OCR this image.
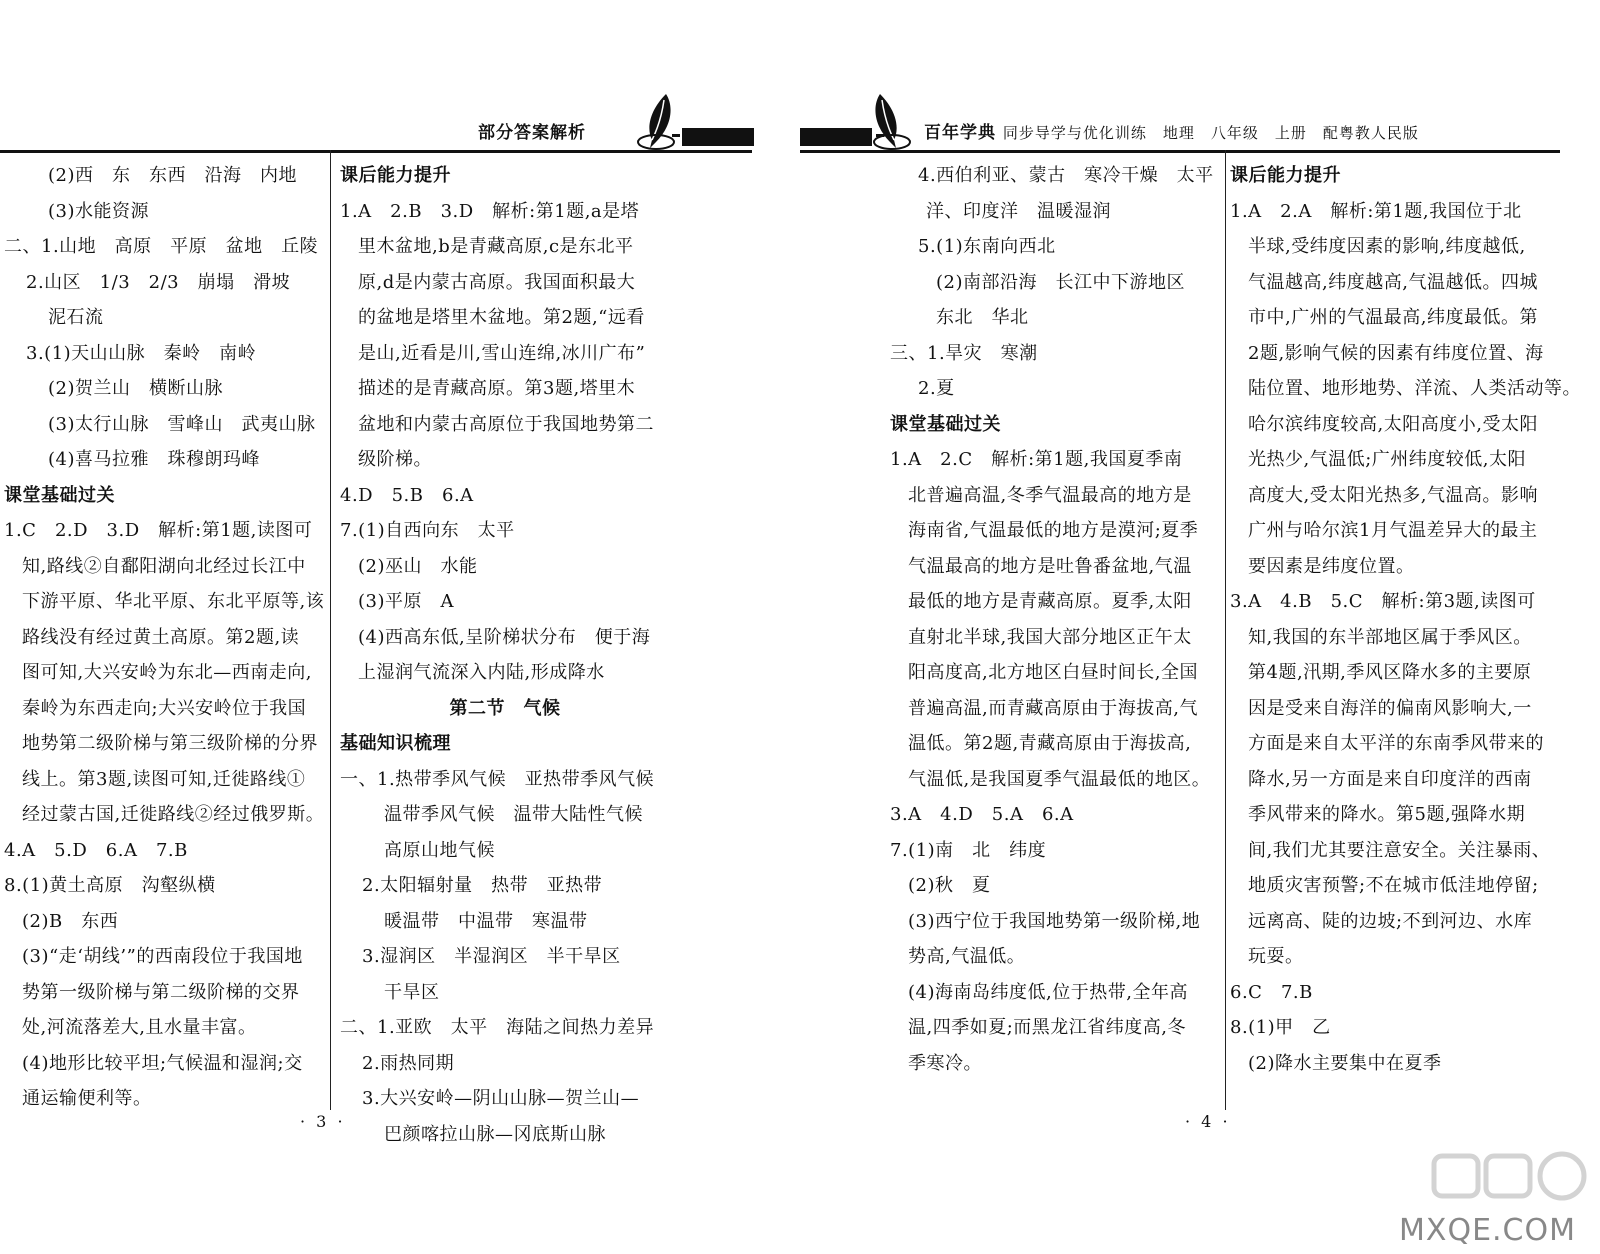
部分答案解析

(2)西　东　东西　沿海　内地

(3)水能资源

二、1.山地　高原　平原　盆地　丘陵

2.山区　1/3　2/3　崩塌　滑坡

泥石流

3.(1)天山山脉　秦岭　南岭

(2)贺兰山　横断山脉

(3)太行山脉　雪峰山　武夷山脉

(4)喜马拉雅　珠穆朗玛峰

课堂基础过关

1.C　2.D　3.D　解析:第1题,读图可

知,路线②自鄱阳湖向北经过长江中

下游平原、华北平原、东北平原等,该

路线没有经过黄土高原。第2题,读

图可知,大兴安岭为东北—西南走向,

秦岭为东西走向;大兴安岭位于我国

地势第二级阶梯与第三级阶梯的分界

线上。第3题,读图可知,迁徙路线①

经过蒙古国,迁徙路线②经过俄罗斯。

4.A　5.D　6.A　7.B

8.(1)黄土高原　沟壑纵横

(2)B　东西

(3)“走‘胡线’”的西南段位于我国地

势第一级阶梯与第二级阶梯的交界

处,河流落差大,且水量丰富。

(4)地形比较平坦;气候温和湿润;交

通运输便利等。

课后能力提升

1.A　2.B　3.D　解析:第1题,a是塔

里木盆地,b是青藏高原,c是东北平

原,d是内蒙古高原。我国面积最大

的盆地是塔里木盆地。第2题,“远看

是山,近看是川,雪山连绵,冰川广布”

描述的是青藏高原。第3题,塔里木

盆地和内蒙古高原位于我国地势第二

级阶梯。

4.D　5.B　6.A

7.(1)自西向东　太平

(2)巫山　水能

(3)平原　A

(4)西高东低,呈阶梯状分布　便于海

上湿润气流深入内陆,形成降水

第二节　气候

基础知识梳理

一、1.热带季风气候　亚热带季风气候

温带季风气候　温带大陆性气候

高原山地气候

2.太阳辐射量　热带　亚热带

暖温带　中温带　寒温带

3.湿润区　半湿润区　半干旱区

干旱区

二、1.亚欧　太平　海陆之间热力差异

2.雨热同期

3.大兴安岭—阴山山脉—贺兰山—

巴颜喀拉山脉—冈底斯山脉

· 3 ·
百年学典 同步导学与优化训练　地理　八年级　上册　配粤教人民版

4.西伯利亚、蒙古　寒冷干燥　太平

洋、印度洋　温暖湿润

5.(1)东南向西北

(2)南部沿海　长江中下游地区

东北　华北

三、1.旱灾　寒潮

2.夏

课堂基础过关

1.A　2.C　解析:第1题,我国夏季南

北普遍高温,冬季气温最高的地方是

海南省,气温最低的地方是漠河;夏季

气温最高的地方是吐鲁番盆地,气温

最低的地方是青藏高原。夏季,太阳

直射北半球,我国大部分地区正午太

阳高度高,北方地区白昼时间长,全国

普遍高温,而青藏高原由于海拔高,气

温低。第2题,青藏高原由于海拔高,

气温低,是我国夏季气温最低的地区。

3.A　4.D　5.A　6.A

7.(1)南　北　纬度

(2)秋　夏

(3)西宁位于我国地势第一级阶梯,地

势高,气温低。

(4)海南岛纬度低,位于热带,全年高

温,四季如夏;而黑龙江省纬度高,冬

季寒冷。

课后能力提升

1.A　2.A　解析:第1题,我国位于北

半球,受纬度因素的影响,纬度越低,

气温越高,纬度越高,气温越低。四城

市中,广州的气温最高,纬度最低。第

2题,影响气候的因素有纬度位置、海

陆位置、地形地势、洋流、人类活动等。

哈尔滨纬度较高,太阳高度小,受太阳

光热少,气温低;广州纬度较低,太阳

高度大,受太阳光热多,气温高。影响

广州与哈尔滨1月气温差异大的最主

要因素是纬度位置。

3.A　4.B　5.C　解析:第3题,读图可

知,我国的东半部地区属于季风区。

第4题,汛期,季风区降水多的主要原

因是受来自海洋的偏南风影响大,一

方面是来自太平洋的东南季风带来的

降水,另一方面是来自印度洋的西南

季风带来的降水。第5题,强降水期

间,我们尤其要注意安全。关注暴雨、

地质灾害预警;不在城市低洼地停留;

远离高、陡的边坡;不到河边、水库

玩耍。

6.C　7.B

8.(1)甲　乙

(2)降水主要集中在夏季

· 4 ·
MXQE.COM
